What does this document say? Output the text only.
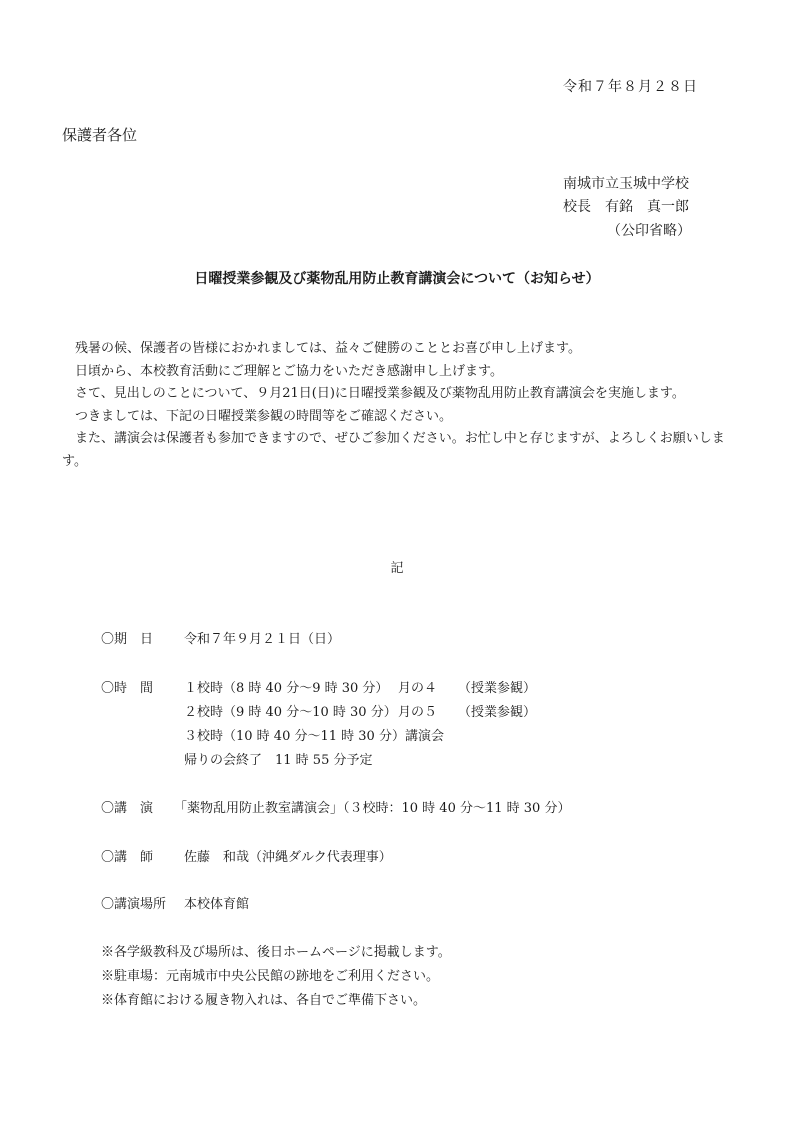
令和７年８月２８日
保護者各位
南城市立玉城中学校
校長　有銘　真一郎
（公印省略）
日曜授業参観及び薬物乱用防止教育講演会について（お知らせ）

残暑の候、保護者の皆様におかれましては、益々ご健勝のこととお喜び申し上げます。

日頃から、本校教育活動にご理解とご協力をいただき感謝申し上げます。

さて、見出しのことについて、９月21日(日)に日曜授業参観及び薬物乱用防止教育講演会を実施します。

つきましては、下記の日曜授業参観の時間等をご確認ください。

また、講演会は保護者も参加できますので、ぜひご参加ください。お忙し中と存じますが、よろしくお願いします。

記
〇期　日 令和７年９月２１日（日）
〇時　間 １校時（8 時 40 分～9 時 30 分） 月の４ （授業参観）
２校時（9 時 40 分～10 時 30 分） 月の５ （授業参観）
３校時（10 時 40 分～11 時 30 分）講演会
帰りの会終了　11 時 55 分予定
〇講　演 「薬物乱用防止教室講演会」（３校時：10 時 40 分～11 時 30 分）
〇講　師 佐藤　和哉（沖縄ダルク代表理事）
〇講演場所 本校体育館
※各学級教科及び場所は、後日ホームページに掲載します。
※駐車場：元南城市中央公民館の跡地をご利用ください。
※体育館における履き物入れは、各自でご準備下さい。
